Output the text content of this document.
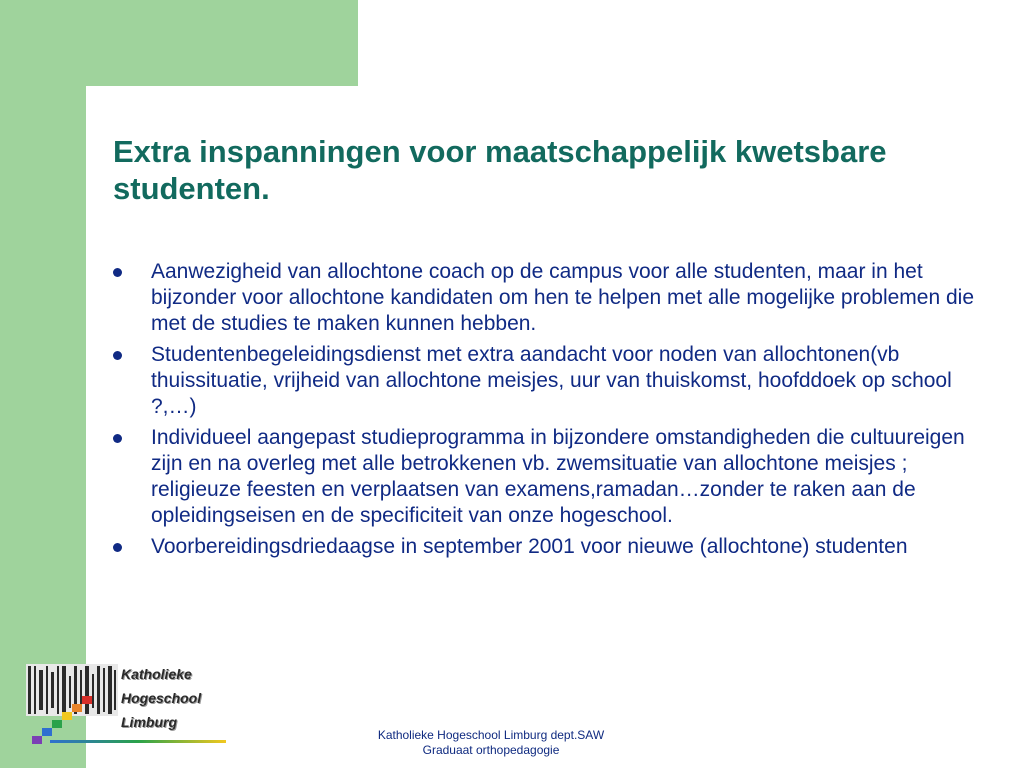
Extra inspanningen voor maatschappelijk kwetsbare studenten.
Aanwezigheid van allochtone coach op de campus voor alle studenten, maar in het bijzonder voor allochtone kandidaten om hen te helpen met alle mogelijke problemen die met de studies te maken kunnen hebben.
Studentenbegeleidingsdienst met extra aandacht voor noden van allochtonen(vb thuissituatie, vrijheid van allochtone meisjes, uur van thuiskomst, hoofddoek op school ?,…)
Individueel aangepast studieprogramma in bijzondere omstandigheden die cultuureigen zijn en na overleg met alle betrokkenen vb. zwemsituatie van allochtone meisjes ; religieuze feesten en verplaatsen van examens,ramadan…zonder te raken aan de opleidingseisen en de specificiteit van onze hogeschool.
Voorbereidingsdriedaagse in september 2001 voor nieuwe (allochtone) studenten
Katholieke
Hogeschool
Limburg
Katholieke Hogeschool Limburg dept.SAW
Graduaat orthopedagogie
